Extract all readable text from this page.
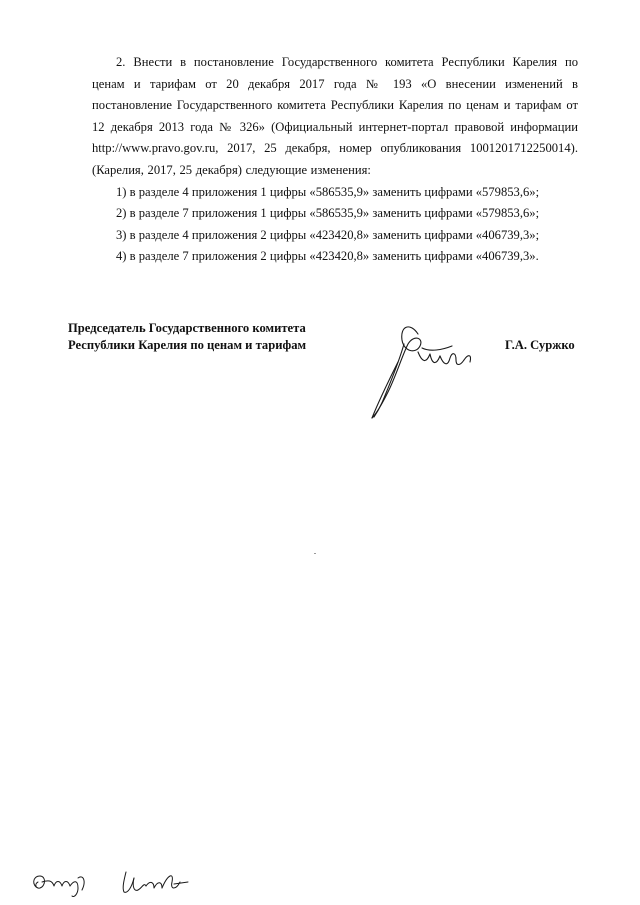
2. Внести в постановление Государственного комитета Республики Карелия по ценам и тарифам от 20 декабря 2017 года № 193 «О внесении изменений в постановление Государственного комитета Республики Карелия по ценам и тарифам от 12 декабря 2013 года № 326» (Официальный интернет-портал правовой информации http://www.pravo.gov.ru, 2017, 25 декабря, номер опубликования 1001201712250014). (Карелия, 2017, 25 декабря) следующие изменения:

1) в разделе 4 приложения 1 цифры «586535,9» заменить цифрами «579853,6»;
2) в разделе 7 приложения 1 цифры «586535,9» заменить цифрами «579853,6»;
3) в разделе 4 приложения 2 цифры «423420,8» заменить цифрами «406739,3»;
4) в разделе 7 приложения 2 цифры «423420,8» заменить цифрами «406739,3».
Председатель Государственного комитета
Республики Карелия по ценам и тарифам	Г.А. Суржко
